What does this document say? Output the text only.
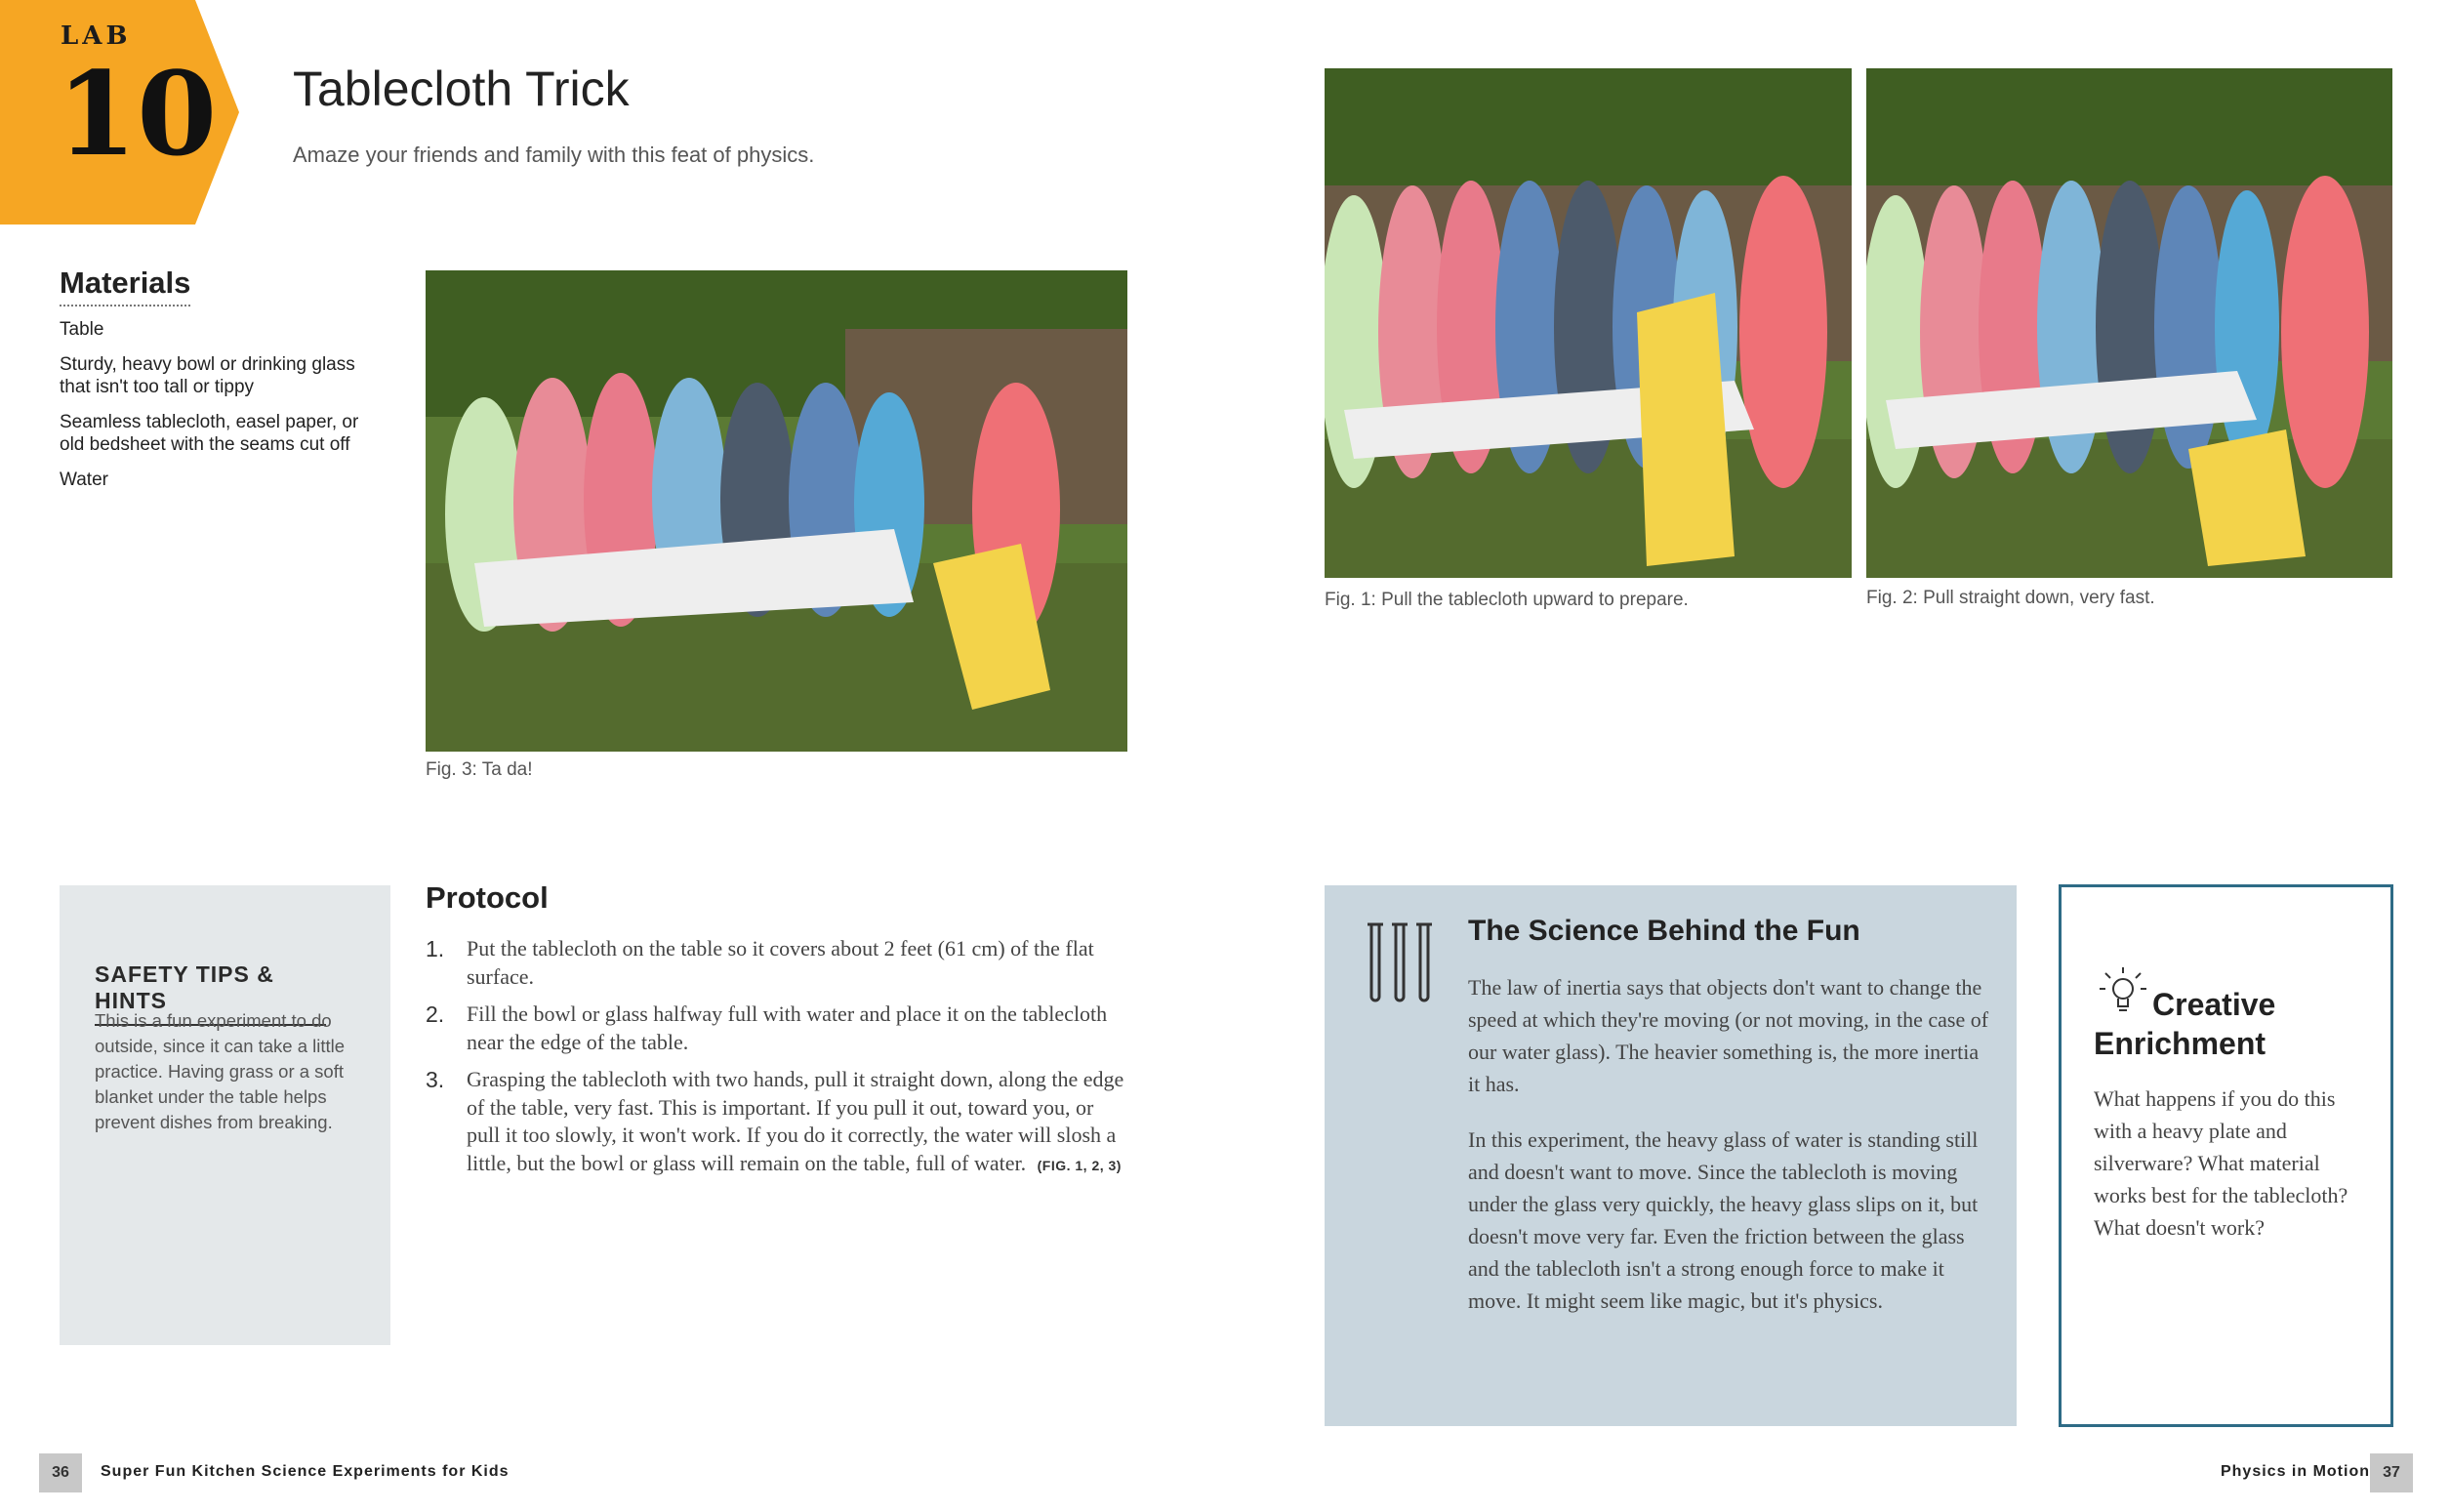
LAB
10 Tablecloth Trick
Amaze your friends and family with this feat of physics.
Materials
Table
Sturdy, heavy bowl or drinking glass that isn't too tall or tippy
Seamless tablecloth, easel paper, or old bedsheet with the seams cut off
Water
Fig. 3: Ta da!
Fig. 1: Pull the tablecloth upward to prepare.	Fig. 2: Pull straight down, very fast.
SAFETY TIPS & HINTS
This is a fun experiment to do outside, since it can take a little practice. Having grass or a soft blanket under the table helps prevent dishes from breaking.
Protocol
1. Put the tablecloth on the table so it covers about 2 feet (61 cm) of the flat surface.
2. Fill the bowl or glass halfway full with water and place it on the tablecloth near the edge of the table.
3. Grasping the tablecloth with two hands, pull it straight down, along the edge of the table, very fast. This is important. If you pull it out, toward you, or pull it too slowly, it won't work. If you do it correctly, the water will slosh a little, but the bowl or glass will remain on the table, full of water. (FIG. 1, 2, 3)
The Science Behind the Fun

The law of inertia says that objects don't want to change the speed at which they're moving (or not moving, in the case of our water glass). The heavier something is, the more inertia it has.

In this experiment, the heavy glass of water is standing still and doesn't want to move. Since the tablecloth is moving under the glass very quickly, the heavy glass slips on it, but doesn't move very far. Even the friction between the glass and the tablecloth isn't a strong enough force to make it move. It might seem like magic, but it's physics.

Creative Enrichment

What happens if you do this with a heavy plate and silverware? What material works best for the tablecloth? What doesn't work?

36	Super Fun Kitchen Science Experiments for Kids	Physics in Motion 37
